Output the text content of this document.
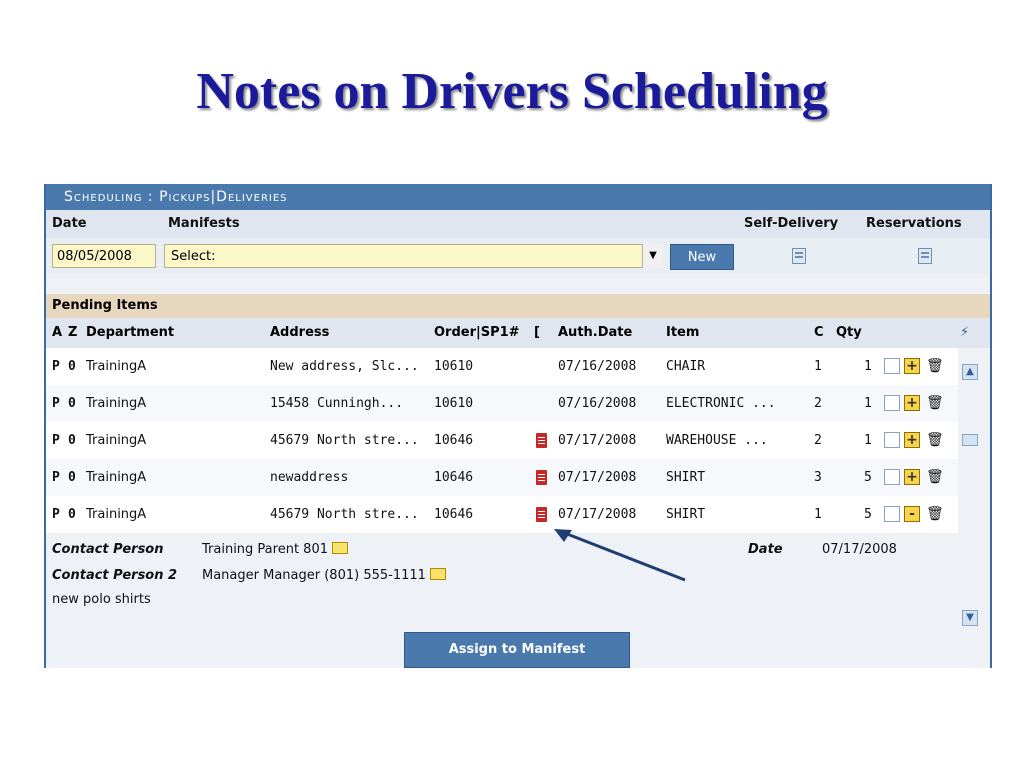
Notes on Drivers Scheduling
Scheduling : Pickups|Deliveries
Date	Manifests	Self-Delivery Reservations
08/05/2008	Select:	▼	New
Pending Items
A Z Department	Address	Order|SP1# [ Auth.Date	Item	C Qty	⚡
P 0 TrainingA	New address, Slc... 10610	07/16/2008 CHAIR	1	1 + 🗑
P 0 TrainingA	15458 Cunningh... 10610	07/16/2008 ELECTRONIC ...	2	1 + 🗑
P 0 TrainingA	45679 North stre... 10646	07/17/2008 WAREHOUSE ...	2	1 + 🗑
P 0 TrainingA	newaddress	10646	07/17/2008 SHIRT	3	5 + 🗑
P 0 TrainingA	45679 North stre... 10646	07/17/2008 SHIRT	1	5	- 🗑
▲
▼
Contact Person	Training Parent 801	Date	07/17/2008
Contact Person 2 Manager Manager (801) 555-1111
new polo shirts
Assign to Manifest
